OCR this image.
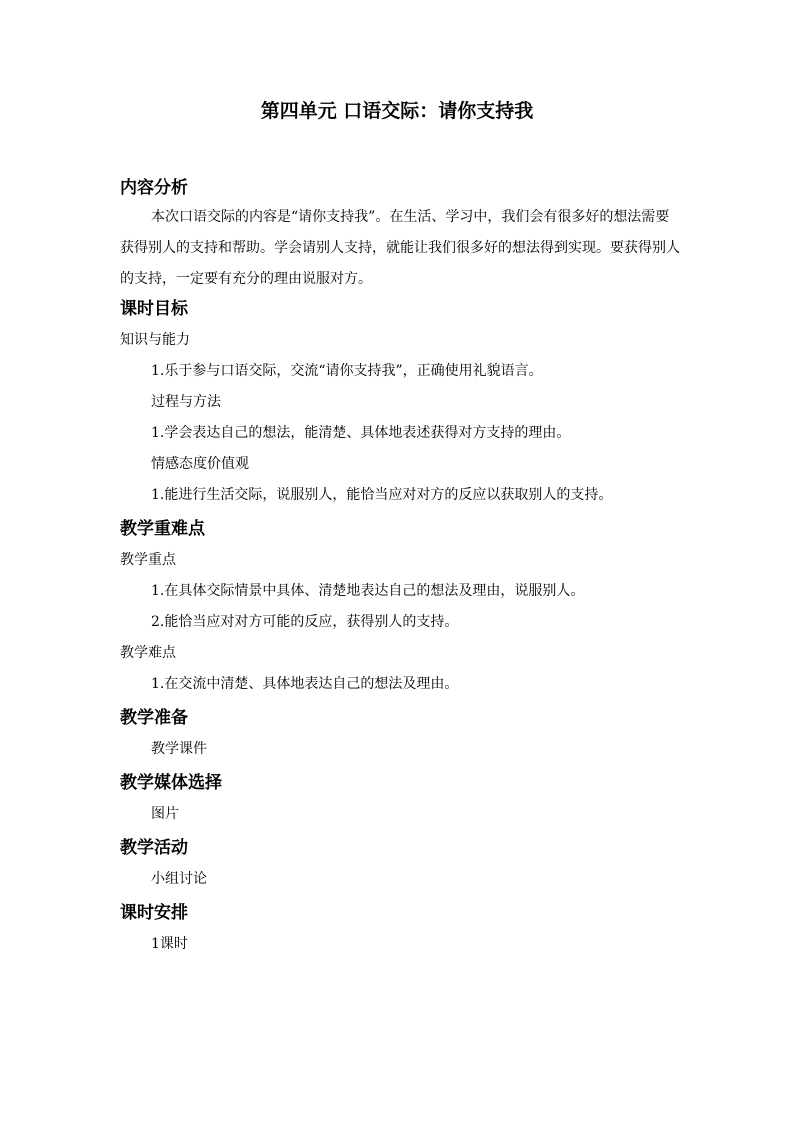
第四单元 口语交际：请你支持我
内容分析

本次口语交际的内容是“请你支持我”。在生活、学习中，我们会有很多好的想法需要获得别人的支持和帮助。学会请别人支持，就能让我们很多好的想法得到实现。要获得别人的支持，一定要有充分的理由说服对方。

课时目标
知识与能力
1.乐于参与口语交际，交流“请你支持我”，正确使用礼貌语言。
过程与方法
1.学会表达自己的想法，能清楚、具体地表述获得对方支持的理由。
情感态度价值观
1.能进行生活交际，说服别人，能恰当应对对方的反应以获取别人的支持。
教学重难点
教学重点
1.在具体交际情景中具体、清楚地表达自己的想法及理由，说服别人。
2.能恰当应对对方可能的反应，获得别人的支持。
教学难点
1.在交流中清楚、具体地表达自己的想法及理由。
教学准备
教学课件
教学媒体选择
图片
教学活动
小组讨论
课时安排
1课时
